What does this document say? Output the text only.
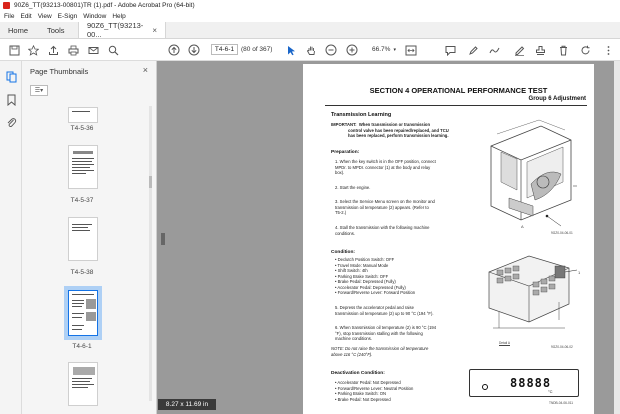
90Z6_TT(93213-00801)TR (1).pdf - Adobe Acrobat Pro (64-bit)
File Edit View E-Sign Window Help
Home	Tools	90Z6_TT(93213-00...	×
T4-6-1	(80 of 367)	66.7% ▾
Page Thumbnails	×
☰▾
T4-5-36
T4-5-37
T4-5-38
T4-6-1
SECTION 4 OPERATIONAL PERFORMANCE TEST
Group 6 Adjustment
Transmission Learning
IMPORTANT: When transmission or transmission
control valve has been repaired/replaced, and TCU
has been replaced, perform transmission learning.
Preparation:
1. When the key switch is in the OFF position, connect
MPDr. to MPDr. connector (1) at the body and relay
box).
2. Start the engine.
3. Select the Service Menu screen on the monitor and
transmission oil temperature (2) appears. (Refer to
T5-2.)
4. Stall the transmission with the following machine
conditions.
Condition:
• Declutch Position Switch: OFF
• Travel Mode: Manual Mode
• Shift Switch: 4th
• Parking Brake Switch: OFF
• Brake Pedal: Depressed (Fully)
• Accelerator Pedal: Depressed (Fully)
• Forward/Reverse Lever: Forward Position
5. Depress the accelerator pedal and raise
transmission oil temperature (2) up to 90 °C (194 °F).
6. When transmission oil temperature (2) is 90 °C (194
°F), stop transmission stalling with the following
machine conditions.
NOTE: Do not raise the transmission oil temperature
above 116 °C (240°F).
Deactivation Condition:
• Accelerator Pedal: Not Depressed
• Forward/Reverse Lever: Neutral Position
• Parking Brake Switch: ON
• Brake Pedal: Not Depressed
9GZ0-04-06-01
A
Detail A
9GZ0-04-06-02
1
88888
°C
TNDB-04-06-011
8.27 x 11.69 in
